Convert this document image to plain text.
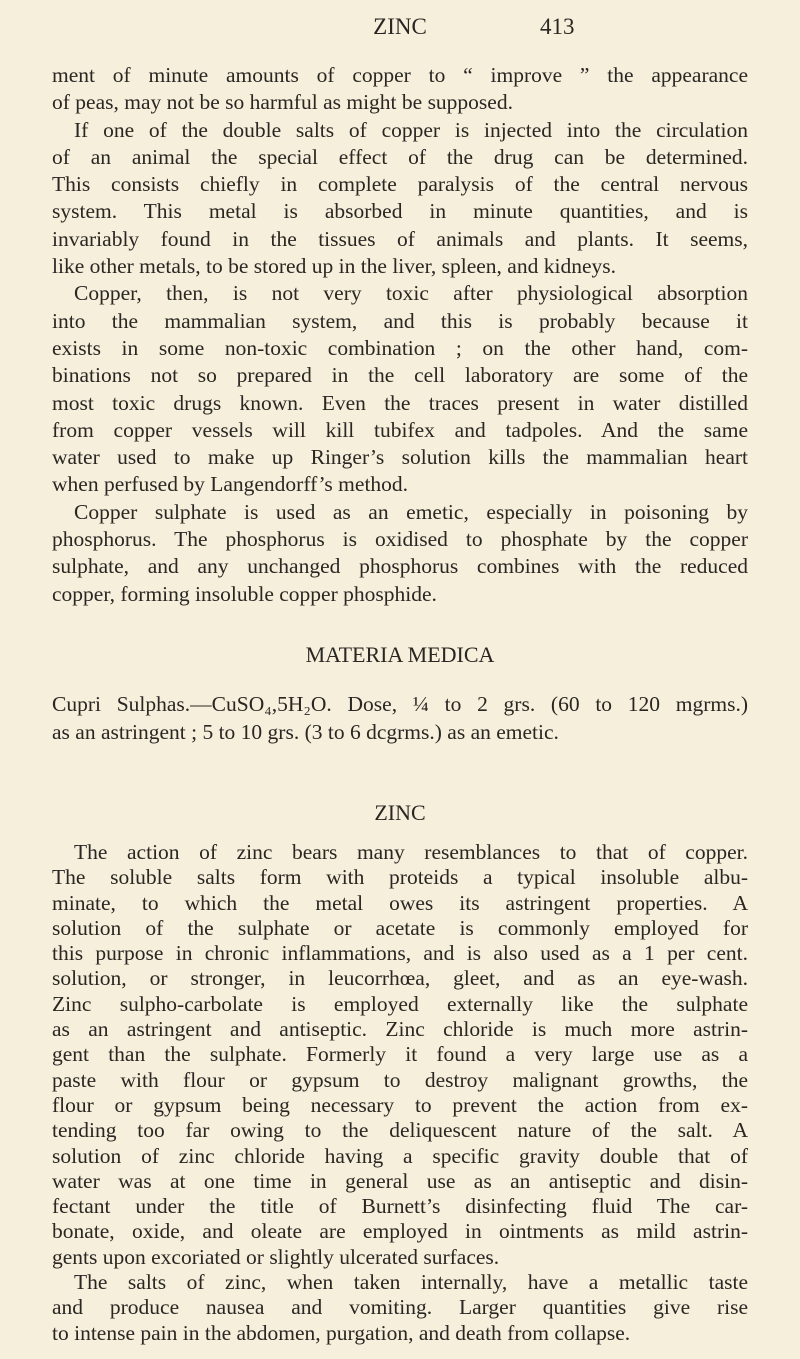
ZINC	413
ment of minute amounts of copper to “ improve ” the appearance
of peas, may not be so harmful as might be supposed.
If one of the double salts of copper is injected into the circulation
of an animal the special effect of the drug can be determined.
This consists chiefly in complete paralysis of the central nervous
system. This metal is absorbed in minute quantities, and is
invariably found in the tissues of animals and plants. It seems,
like other metals, to be stored up in the liver, spleen, and kidneys.
Copper, then, is not very toxic after physiological absorption
into the mammalian system, and this is probably because it
exists in some non-toxic combination ; on the other hand, com-
binations not so prepared in the cell laboratory are some of the
most toxic drugs known. Even the traces present in water distilled
from copper vessels will kill tubifex and tadpoles. And the same
water used to make up Ringer’s solution kills the mammalian heart
when perfused by Langendorff’s method.
Copper sulphate is used as an emetic, especially in poisoning by
phosphorus. The phosphorus is oxidised to phosphate by the copper
sulphate, and any unchanged phosphorus combines with the reduced
copper, forming insoluble copper phosphide.
MATERIA MEDICA
Cupri Sulphas.—CuSO₄,5H₂O. Dose, ¼ to 2 grs. (60 to 120 mgrms.)
as an astringent ; 5 to 10 grs. (3 to 6 dcgrms.) as an emetic.
ZINC
The action of zinc bears many resemblances to that of copper.
The soluble salts form with proteids a typical insoluble albu-
minate, to which the metal owes its astringent properties. A
solution of the sulphate or acetate is commonly employed for
this purpose in chronic inflammations, and is also used as a 1 per cent.
solution, or stronger, in leucorrhœa, gleet, and as an eye-wash.
Zinc sulpho-carbolate is employed externally like the sulphate
as an astringent and antiseptic. Zinc chloride is much more astrin-
gent than the sulphate. Formerly it found a very large use as a
paste with flour or gypsum to destroy malignant growths, the
flour or gypsum being necessary to prevent the action from ex-
tending too far owing to the deliquescent nature of the salt. A
solution of zinc chloride having a specific gravity double that of
water was at one time in general use as an antiseptic and disin-
fectant under the title of Burnett’s disinfecting fluid The car-
bonate, oxide, and oleate are employed in ointments as mild astrin-
gents upon excoriated or slightly ulcerated surfaces.
The salts of zinc, when taken internally, have a metallic taste
and produce nausea and vomiting. Larger quantities give rise
to intense pain in the abdomen, purgation, and death from collapse.
